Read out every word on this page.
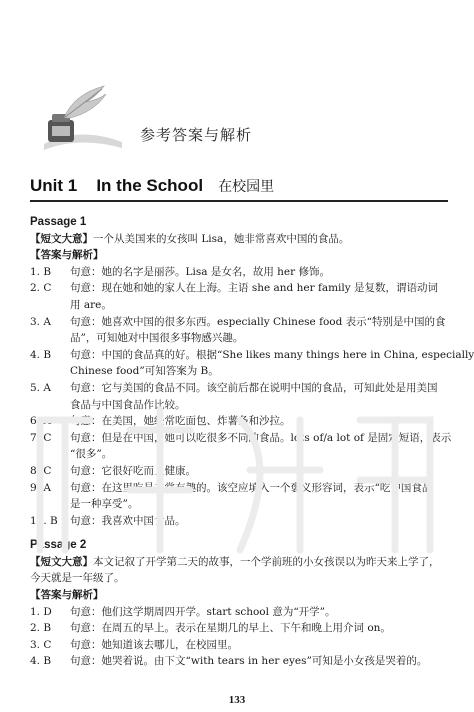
参考答案与解析
Unit 1 In the School 在校园里
Passage 1
【短文大意】一个从美国来的女孩叫 Lisa，她非常喜欢中国的食品。
【答案与解析】
1. B	句意：她的名字是丽莎。Lisa 是女名，故用 her 修饰。
2. C	句意：现在她和她的家人在上海。主语 she and her family 是复数，谓语动词
用 are。
3. A	句意：她喜欢中国的很多东西。especially Chinese food 表示“特别是中国的食
品”，可知她对中国很多事物感兴趣。
4. B	句意：中国的食品真的好。根据“She likes many things here in China, especially
Chinese food”可知答案为 B。
5. A	句意：它与美国的食品不同。该空前后都在说明中国的食品，可知此处是用美国
食品与中国食品作比较。
6. A	句意：在美国，她经常吃面包、炸薯条和沙拉。
7. C	句意：但是在中国，她可以吃很多不同的食品。lots of/a lot of 是固定短语，表示
“很多”。
8. C	句意：它很好吃而且健康。
9. A	句意：在这里吃是非常有趣的。该空应填入一个褒义形容词，表示“吃中国食品
是一种享受”。
10. B	句意：我喜欢中国食品。
Passage 2
【短文大意】本文记叙了开学第二天的故事，一个学前班的小女孩误以为昨天来上学了，
今天就是一年级了。
【答案与解析】
1. D	句意：他们这学期周四开学。start school 意为“开学”。
2. B	句意：在周五的早上。表示在星期几的早上、下午和晚上用介词 on。
3. C	句意：她知道该去哪儿，在校园里。
4. B	句意：她哭着说。由下文“with tears in her eyes”可知是小女孩是哭着的。
133
